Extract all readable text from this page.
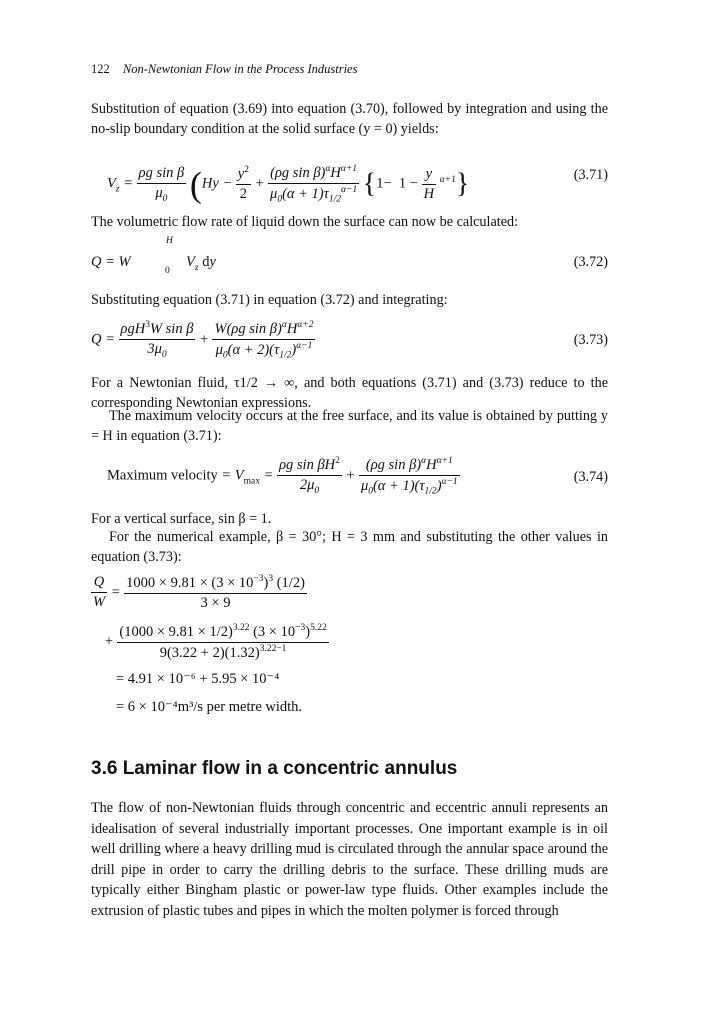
122 Non-Newtonian Flow in the Process Industries

Substitution of equation (3.69) into equation (3.70), followed by integration and using the no-slip boundary condition at the solid surface (y = 0) yields:

$V_z = \frac{\text{ρg sin β}}{\mu_0} (Hy - \frac{y^2}{2} + \frac{(\rho g \sin \beta)^\alpha H^{\alpha+1}}{\mu_0(\alpha + 1)\tau_{1/2}^{\alpha-1}} \{1- 1 - \frac{y}{H} ^{\alpha+1}\}$	(3.71)

The volumetric flow rate of liquid down the surface can now be calculated:

Q = W
H
0
$V_z$ dy	(3.72)

Substituting equation (3.71) in equation (3.72) and integrating:

$Q = \frac{\rho gH^3W \sin \beta}{3\mu_0} + \frac{W(\rho g \sin \beta)^\alpha H^{\alpha+2}}{\mu_0(\alpha + 2)(\tau_{1/2})^{\alpha-1}}$	(3.73)

For a Newtonian fluid, τ1/2 → ∞, and both equations (3.71) and (3.73) reduce to the corresponding Newtonian expressions.

The maximum velocity occurs at the free surface, and its value is obtained by putting y = H in equation (3.71):

Maximum velocity = $V_{max} = \frac{\rho g \sin \beta H^2}{2\mu_0} + \frac{(\rho g \sin \beta)^\alpha H^{\alpha+1}}{\mu_0(\alpha + 1)(\tau_{1/2})^{\alpha-1}}$	(3.74)

For a vertical surface, sin β = 1.

For the numerical example, β = 30°; H = 3 mm and substituting the other values in equation (3.73):

$\frac{Q}{W} = \frac{1000 \times 9.81 \times (3 \times 10^{-3})^3 (1/2)}{3 \times 9}$
+ $\frac{(1000 \times 9.81 \times 1/2)^{3.22} (3 \times 10^{-3})^{5.22}}{9(3.22 + 2)(1.32)^{3.22-1}}$
= 4.91 × 10⁻⁶ + 5.95 × 10⁻⁴
= 6 × 10⁻⁴m³/s per metre width.
3.6 Laminar flow in a concentric annulus

The flow of non-Newtonian fluids through concentric and eccentric annuli represents an idealisation of several industrially important processes. One important example is in oil well drilling where a heavy drilling mud is circulated through the annular space around the drill pipe in order to carry the drilling debris to the surface. These drilling muds are typically either Bingham plastic or power-law type fluids. Other examples include the extrusion of plastic tubes and pipes in which the molten polymer is forced through
